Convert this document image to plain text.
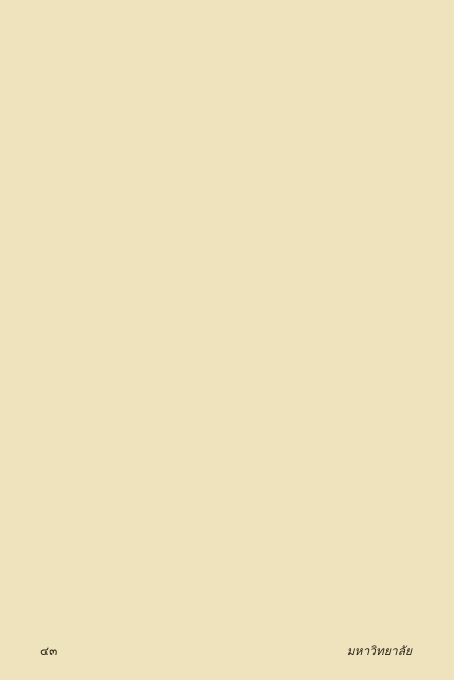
๔๓	มหาวิทยาลัย
